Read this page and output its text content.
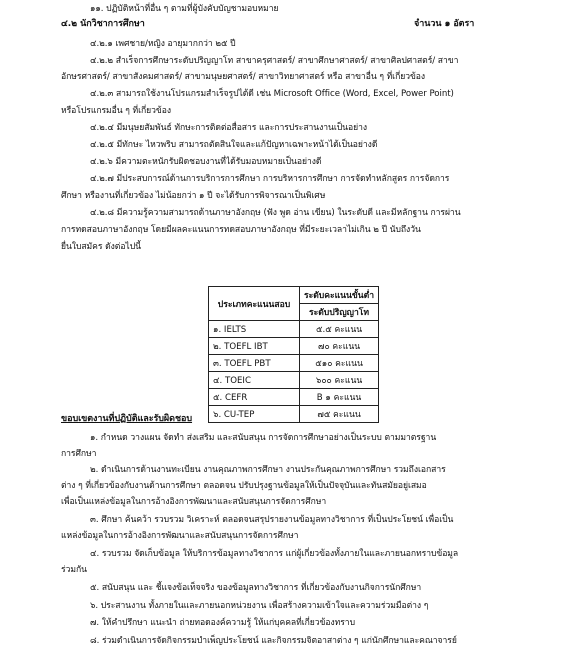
๑๑. ปฏิบัติหน้าที่อื่น ๆ ตามที่ผู้บังคับบัญชามอบหมาย
๔.๒ นักวิชาการศึกษา	จำนวน ๑ อัตรา
๔.๒.๑ เพศชาย/หญิง อายุมากกว่า ๒๕ ปี
๔.๒.๒ สำเร็จการศึกษาระดับปริญญาโท สาขาครุศาสตร์/ สาขาศึกษาศาสตร์/ สาขาศิลปศาสตร์/ สาขา
อักษรศาสตร์/ สาขาสังคมศาสตร์/ สาขามนุษยศาสตร์/ สาขาวิทยาศาสตร์ หรือ สาขาอื่น ๆ ที่เกี่ยวข้อง
๔.๒.๓ สามารถใช้งานโปรแกรมสำเร็จรูปได้ดี เช่น Microsoft Office (Word, Excel, Power Point)
หรือโปรแกรมอื่น ๆ ที่เกี่ยวข้อง
๔.๒.๔ มีมนุษยสัมพันธ์ ทักษะการติดต่อสื่อสาร และการประสานงานเป็นอย่าง
๔.๒.๕ มีทักษะ ไหวพริบ สามารถตัดสินใจและแก้ปัญหาเฉพาะหน้าได้เป็นอย่างดี
๔.๒.๖ มีความตะหนักรับผิดชอบงานที่ได้รับมอบหมายเป็นอย่างดี
๔.๒.๗ มีประสบการณ์ด้านการบริการการศึกษา การบริหารการศึกษา การจัดทำหลักสูตร การจัดการ
ศึกษา หรืองานที่เกี่ยวข้อง ไม่น้อยกว่า ๑ ปี จะได้รับการพิจารณาเป็นพิเศษ
๔.๒.๘ มีความรู้ความสามารถด้านภาษาอังกฤษ (ฟัง พูด อ่าน เขียน) ในระดับดี และมีหลักฐาน การผ่าน
การทดสอบภาษาอังกฤษ โดยมีผลคะแนนการทดสอบภาษาอังกฤษ ที่มีระยะเวลาไม่เกิน ๒ ปี นับถึงวัน
ยื่นใบสมัคร ดังต่อไปนี้
ประเภทคะแนนสอบ	ระดับคะแนนขั้นต่ำ
	ระดับปริญญาโท
๑. IELTS	๕.๕ คะแนน
๒. TOEFL IBT	๗๐ คะแนน
๓. TOEFL PBT	๕๑๐ คะแนน
๔. TOEIC	๖๐๐ คะแนน
๕. CEFR	B ๑ คะแนน
๖. CU-TEP	๗๕ คะแนน
ขอบเขตงานที่ปฏิบัติและรับผิดชอบ
๑. กำหนด วางแผน จัดทำ ส่งเสริม และสนับสนุน การจัดการศึกษาอย่างเป็นระบบ ตามมาตรฐาน
การศึกษา
๒. ดำเนินการด้านงานทะเบียน งานคุณภาพการศึกษา งานประกันคุณภาพการศึกษา รวมถึงเอกสาร
ต่าง ๆ ที่เกี่ยวข้องกับงานด้านการศึกษา ตลอดจน ปรับปรุงฐานข้อมูลให้เป็นปัจจุบันและทันสมัยอยู่เสมอ
เพื่อเป็นแหล่งข้อมูลในการอ้างอิงการพัฒนาและสนับสนุนการจัดการศึกษา
๓. ศึกษา ค้นคว้า รวบรวม วิเคราะห์ ตลอดจนสรุปรายงานข้อมูลทางวิชาการ ที่เป็นประโยชน์ เพื่อเป็น
แหล่งข้อมูลในการอ้างอิงการพัฒนาและสนับสนุนการจัดการศึกษา
๔. รวบรวม จัดเก็บข้อมูล ให้บริการข้อมูลทางวิชาการ แก่ผู้เกี่ยวข้องทั้งภายในและภายนอกทราบข้อมูล
ร่วมกัน
๕. สนับสนุน และ ชี้แจงข้อเท็จจริง ของข้อมูลทางวิชาการ ที่เกี่ยวข้องกับงานกิจการนักศึกษา
๖. ประสานงาน ทั้งภายในและภายนอกหน่วยงาน เพื่อสร้างความเข้าใจและความร่วมมือต่าง ๆ
๗. ให้คำปรึกษา แนะนำ ถ่ายทอดองค์ความรู้ ให้แก่บุคคลที่เกี่ยวข้องทราบ
๘. ร่วมดำเนินการจัดกิจกรรมบำเพ็ญประโยชน์ และกิจกรรมจิตอาสาต่าง ๆ แก่นักศึกษาและคณาจารย์
